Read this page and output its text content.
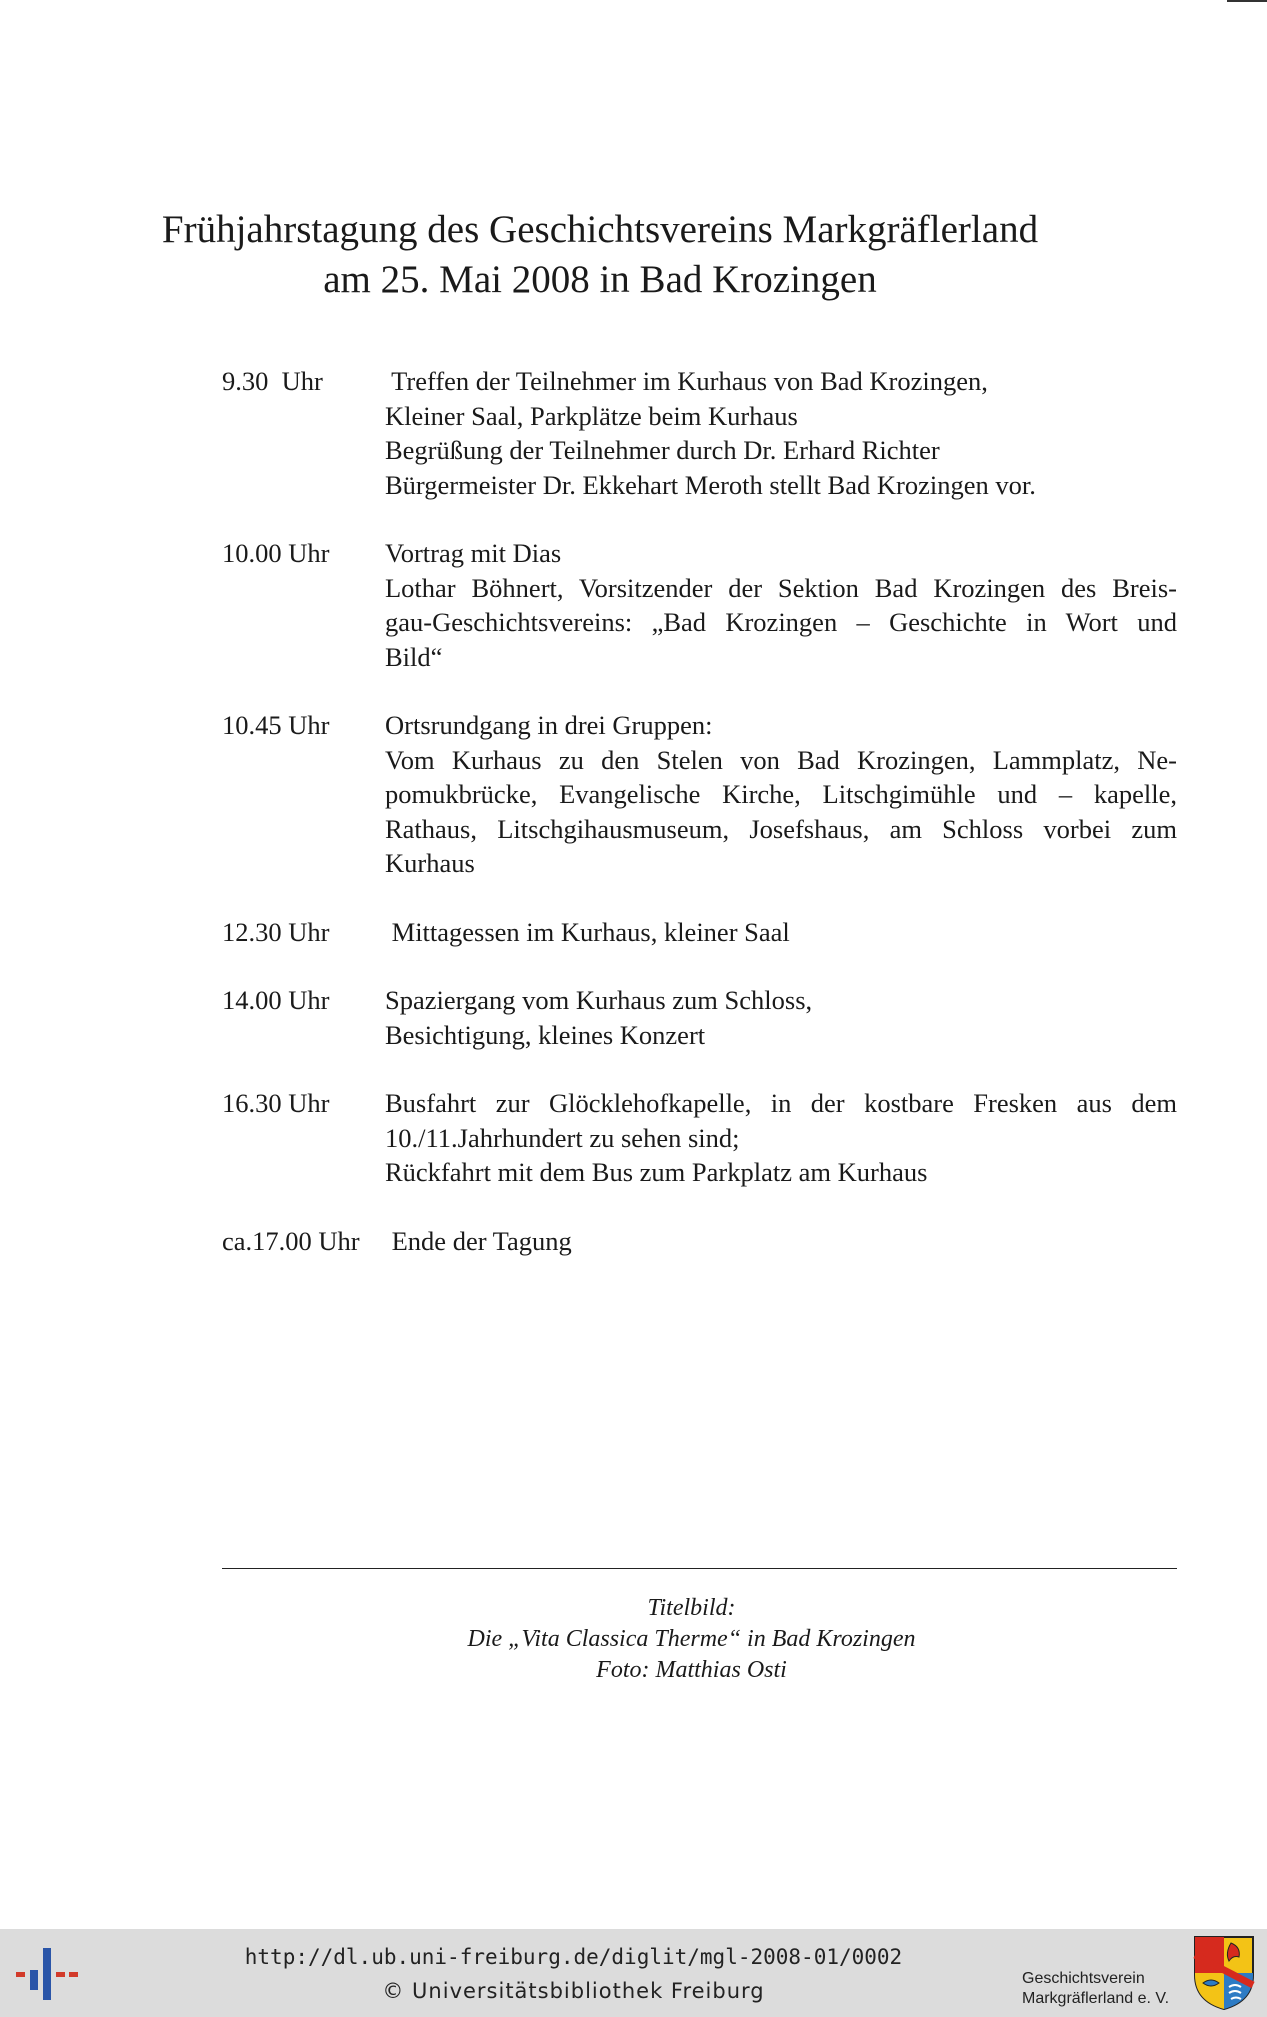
Frühjahrstagung des Geschichtsvereins Markgräflerland
am 25. Mai 2008 in Bad Krozingen
9.30  Uhr	Treffen der Teilnehmer im Kurhaus von Bad Krozingen,
Kleiner Saal, Parkplätze beim Kurhaus
Begrüßung der Teilnehmer durch Dr. Erhard Richter
Bürgermeister Dr. Ekkehart Meroth stellt Bad Krozingen vor.
10.00 Uhr	Vortrag mit Dias
Lothar Böhnert, Vorsitzender der Sektion Bad Krozingen des Breis-
gau-Geschichtsvereins: „Bad Krozingen – Geschichte in Wort und
Bild“
10.45 Uhr	Ortsrundgang in drei Gruppen:
Vom Kurhaus zu den Stelen von Bad Krozingen, Lammplatz, Ne-
pomukbrücke, Evangelische Kirche, Litschgimühle und – kapelle,
Rathaus, Litschgihausmuseum, Josefshaus, am Schloss vorbei zum
Kurhaus
12.30 Uhr	Mittagessen im Kurhaus, kleiner Saal
14.00 Uhr	Spaziergang vom Kurhaus zum Schloss,
Besichtigung, kleines Konzert
16.30 Uhr	Busfahrt zur Glöcklehofkapelle, in der kostbare Fresken aus dem
10./11.Jahrhundert zu sehen sind;
Rückfahrt mit dem Bus zum Parkplatz am Kurhaus
ca.17.00 Uhr Ende der Tagung
Titelbild:
Die „Vita Classica Therme“ in Bad Krozingen
Foto: Matthias Osti
http://dl.ub.uni-freiburg.de/diglit/mgl-2008-01/0002
© Universitätsbibliothek Freiburg
Geschichtsverein
Markgräflerland e. V.
